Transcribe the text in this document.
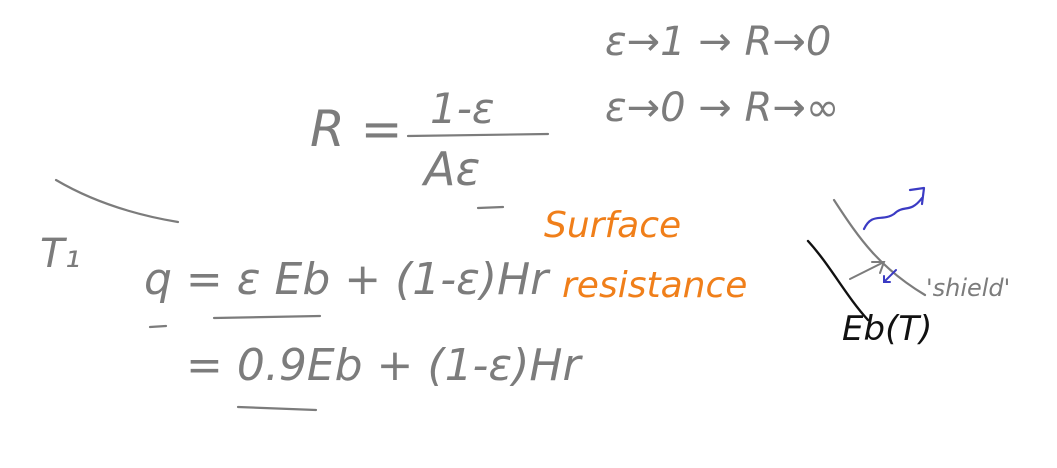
ε→1 → R→0
ε→0 → R→∞
R = 1-ε
Aε
T₁ q = ε Eb + (1-ε)Hr
= 0.9Eb + (1-ε)Hr
Surface
resistance	'shield'
Eb(T)
